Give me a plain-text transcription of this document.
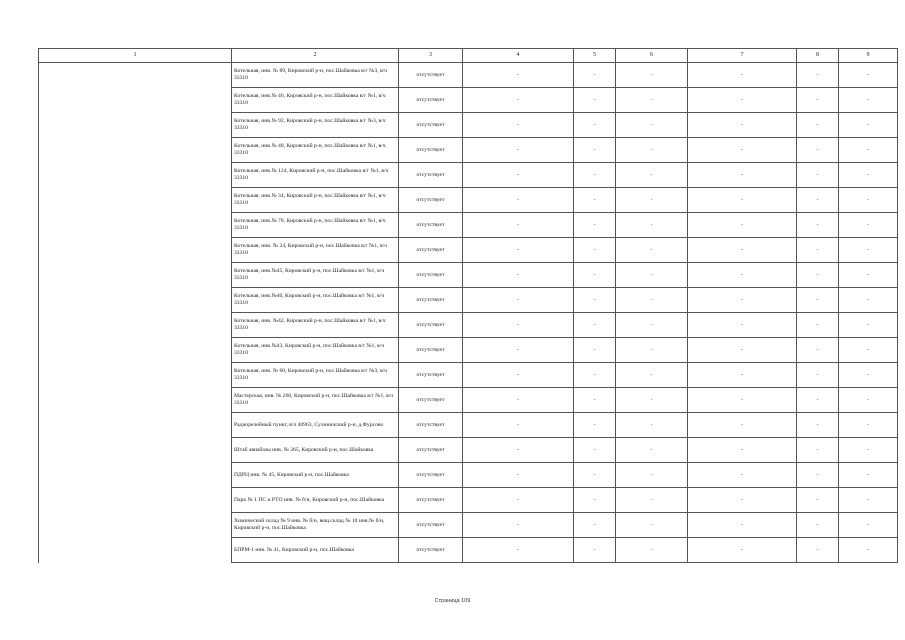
1	2	3	4	5	6	7	8	9
	Котельная, инв. № 89, Кировский р-н, пос.Шайковка в/г №3, в/ч 33310	отсутствует	-	-	-	-	-	-
	Котельная, инв.№ 46, Кировский р-н, пос.Шайковка в/г №1, в/ч 33310	отсутствует	-	-	-	-	-	-
	Котельная, инв.№ 92, Кировский р-н, пос.Шайковка в/г №3, в/ч 33310	отсутствует	-	-	-	-	-	-
	Котельная, инв.№ 48, Кировский р-н, пос.Шайковка в/г №1, в/ч 33310	отсутствует	-	-	-	-	-	-
	Котельная, инв.№ 124, Кировский р-н, пос.Шайковка в/г №1, в/ч 33310	отсутствует	-	-	-	-	-	-
	Котельная, инв.№ 34, Кировский р-н, пос.Шайковка в/г №1, в/ч 33310	отсутствует	-	-	-	-	-	-
	Котельная, инв.№ 78, Кировский р-н, пос.Шайковка в/г №1, в/ч 33310	отсутствует	-	-	-	-	-	-
	Котельная, инв. № 24, Кировский р-н, пос.Шайковка в/г №1, в/ч 33310	отсутствует	-	-	-	-	-	-
	Котельная, инв.№45, Кировский р-н, пос.Шайковка в/г №1, в/ч 33310	отсутствует	-	-	-	-	-	-
	Котельная, инв.№40, Кировский р-н, пос.Шайковка в/г №1, в/ч 33310	отсутствует	-	-	-	-	-	-
	Котельная, инв. №42, Кировский р-н, пос.Шайковка в/г №1, в/ч 33310	отсутствует	-	-	-	-	-	-
	Котельная, инв.№43, Кировский р-н, пос.Шайковка в/г №1, в/ч 33310	отсутствует	-	-	-	-	-	-
	Котельная, инв. № 60, Кировский р-н, пос.Шайковка в/г №3, в/ч 33310	отсутствует	-	-	-	-	-	-
	Мастерская, инв. № 260, Кировский р-н, пос.Шайковка в/г №1, в/ч 33310	отсутствует	-	-	-	-	-	-
	Радиорелейный пункт, в/ч 40963, Сухиничский р-н, д.Фурсово	отсутствует	-	-	-	-	-	-
	Штаб авиабазы инв. № 265, Кировский р-н, пос.Шайковка	отсутствует	-	-	-	-	-	-
	ПДРЦ инв. № 45, Кировский р-н, пос.Шайковка	отсутствует	-	-	-	-	-	-
	Парк № 1 ПС и РТО инв. № б/н, Кировский р-н, пос.Шайковка	отсутствует	-	-	-	-	-	-
	Химический склад № 9 инв. № б/н, вещ.склад № 10 инв.№ б/н, Кировский р-н, пос.Шайковка	отсутствует	-	-	-	-	-	-
	БПРМ-1 инв. № 41, Кировский р-н, пос.Шайковка	отсутствует	-	-	-	-	-	-
Страница 109
